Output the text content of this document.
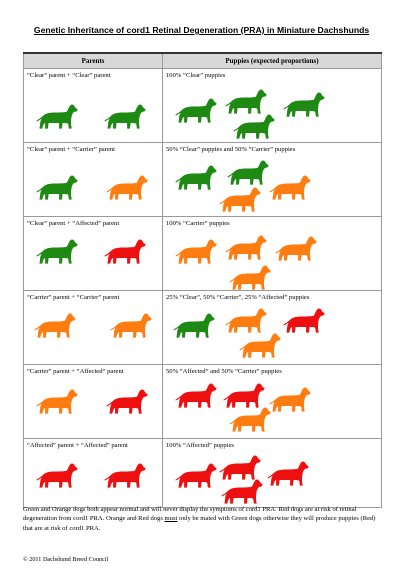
Genetic Inheritance of cord1 Retinal Degeneration (PRA) in Miniature Dachshunds
Parents	Puppies (expected proportions)

“Clear” parent + “Clear” parent	100% “Clear” puppies

“Clear” parent + “Carrier” parent	50% “Clear” puppies and 50% “Carrier” puppies

“Clear” parent + “Affected” parent	100% “Carrier” puppies

“Carrier” parent + “Carrier” parent	25% “Clear”, 50% “Carrier”, 25% “Affected” puppies

“Carrier” parent + “Affected” parent	50% “Affected” and 50% “Carrier” puppies

“Affected” parent + “Affected” parent	100% “Affected” puppies
Green and Orange dogs both appear normal and will never display the symptoms of cord1 PRA. Red dogs are at risk of retinal degeneration from cord1 PRA. Orange and Red dogs must only be mated with Green dogs otherwise they will produce puppies (Red) that are at risk of cord1 PRA.
© 2011 Dachshund Breed Council
